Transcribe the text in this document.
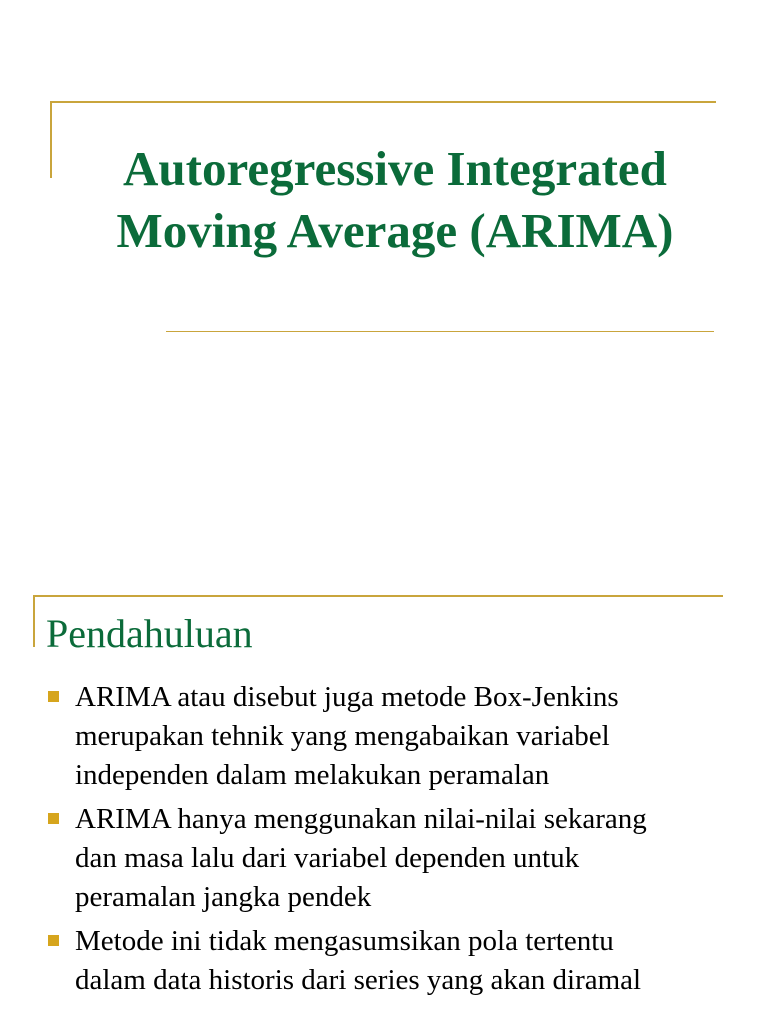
Autoregressive Integrated
Moving Average (ARIMA)
Pendahuluan
ARIMA atau disebut juga metode Box-Jenkins
merupakan tehnik yang mengabaikan variabel
independen dalam melakukan peramalan
ARIMA hanya menggunakan nilai-nilai sekarang
dan masa lalu dari variabel dependen untuk
peramalan jangka pendek
Metode ini tidak mengasumsikan pola tertentu
dalam data historis dari series yang akan diramal
